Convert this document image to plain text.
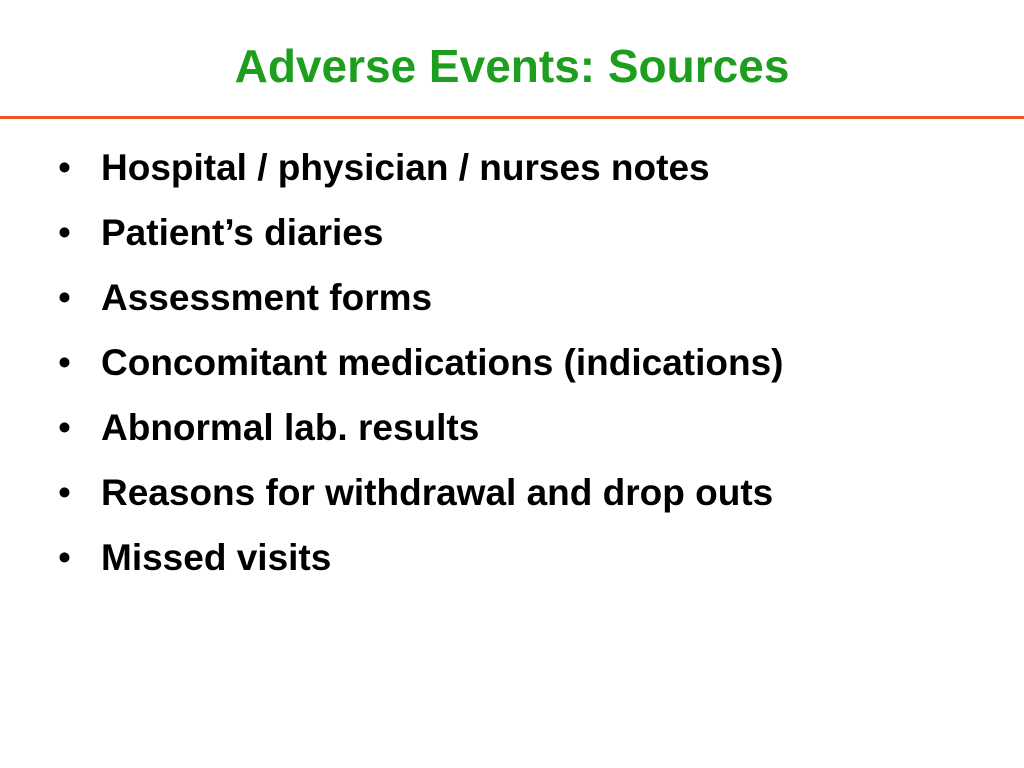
Adverse Events: Sources
• Hospital / physician / nurses notes
• Patient’s diaries
• Assessment forms
• Concomitant medications (indications)
• Abnormal lab. results
• Reasons for withdrawal and drop outs
• Missed visits
